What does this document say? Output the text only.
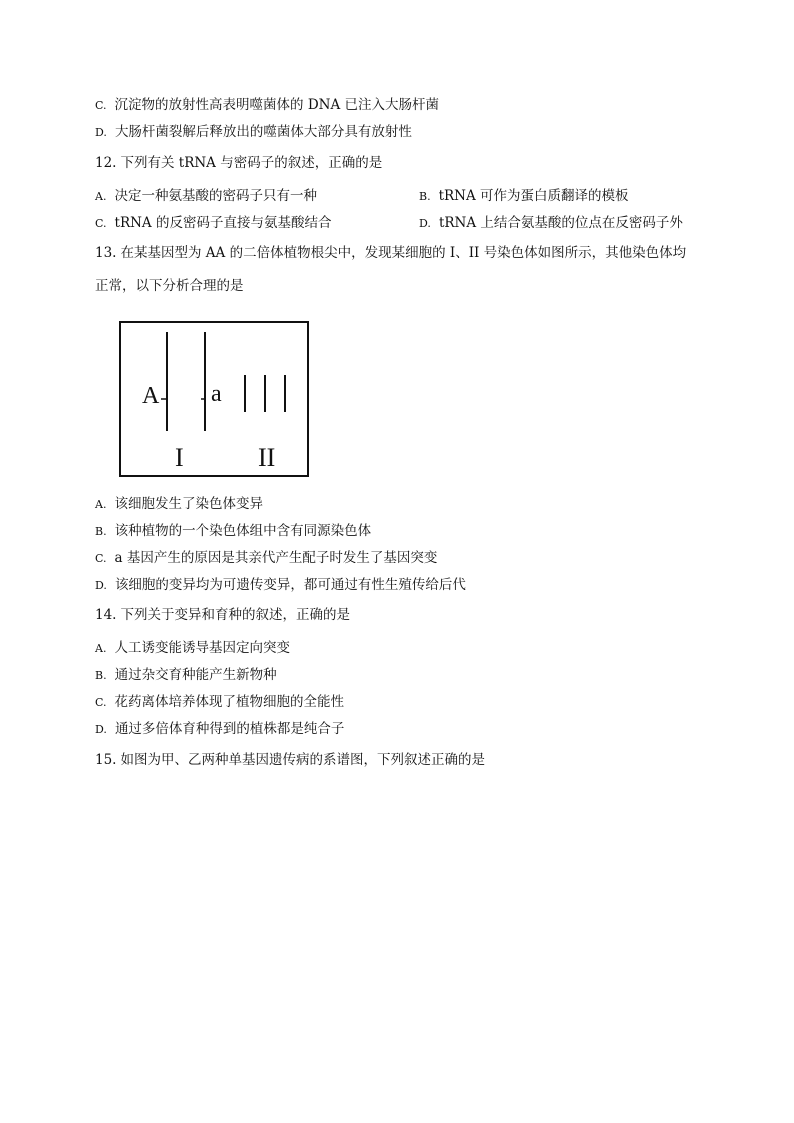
C. 沉淀物的放射性高表明噬菌体的 DNA 已注入大肠杆菌
D. 大肠杆菌裂解后释放出的噬菌体大部分具有放射性
12. 下列有关 tRNA 与密码子的叙述，正确的是
A. 决定一种氨基酸的密码子只有一种	B. tRNA 可作为蛋白质翻译的模板
C. tRNA 的反密码子直接与氨基酸结合	D. tRNA 上结合氨基酸的位点在反密码子外
13. 在某基因型为 AA 的二倍体植物根尖中，发现某细胞的 I、II 号染色体如图所示，其他染色体均
正常，以下分析合理的是
A a
I	II
A. 该细胞发生了染色体变异
B. 该种植物的一个染色体组中含有同源染色体
C. a 基因产生的原因是其亲代产生配子时发生了基因突变
D. 该细胞的变异均为可遗传变异，都可通过有性生殖传给后代
14. 下列关于变异和育种的叙述，正确的是
A. 人工诱变能诱导基因定向突变
B. 通过杂交育种能产生新物种
C. 花药离体培养体现了植物细胞的全能性
D. 通过多倍体育种得到的植株都是纯合子
15. 如图为甲、乙两种单基因遗传病的系谱图，下列叙述正确的是
